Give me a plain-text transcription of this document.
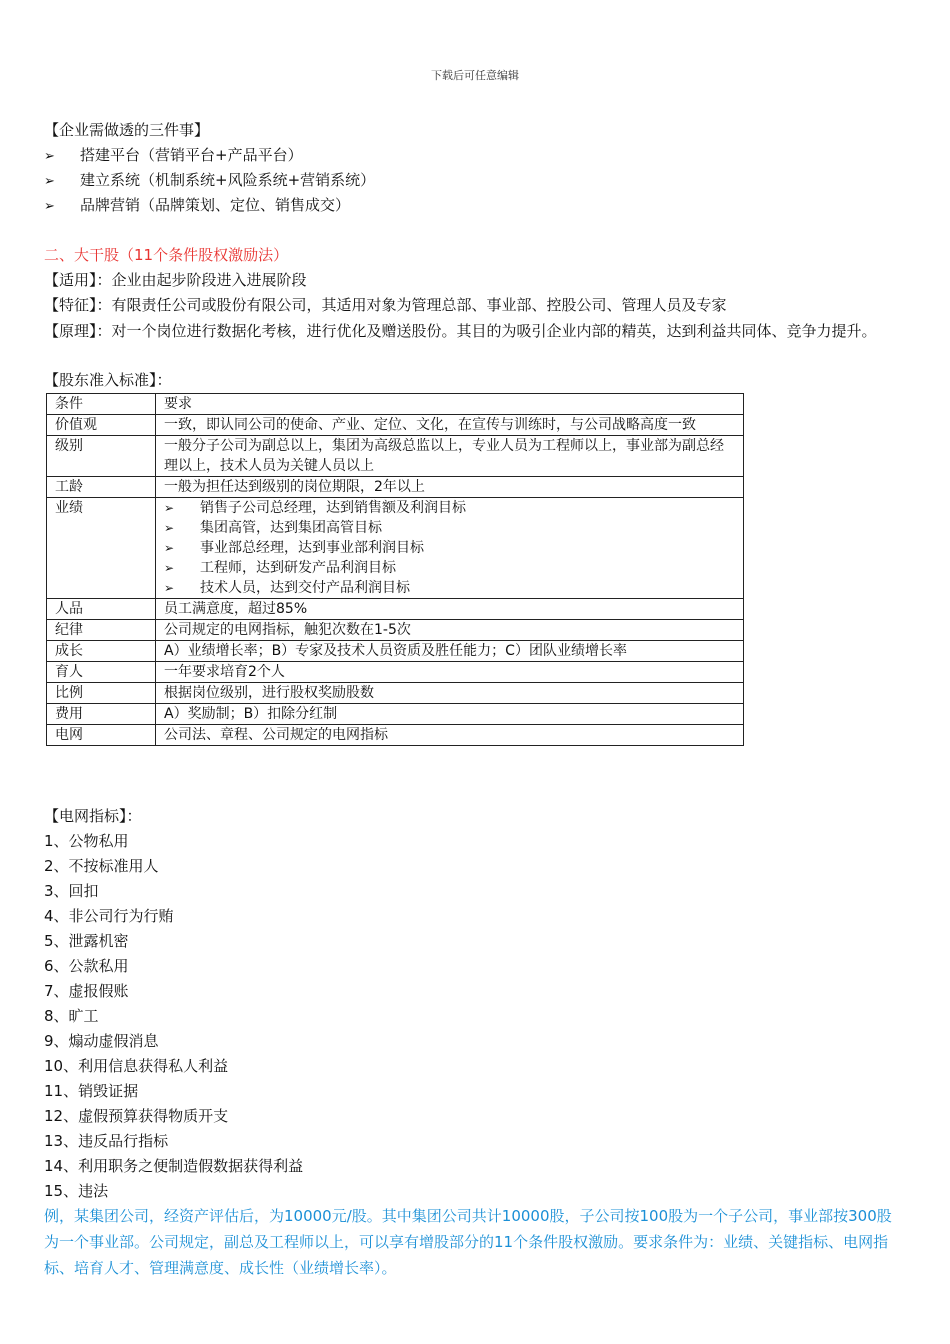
下载后可任意编辑
【企业需做透的三件事】
➢ 搭建平台（营销平台+产品平台）
➢ 建立系统（机制系统+风险系统+营销系统）
➢ 品牌营销（品牌策划、定位、销售成交）
二、大干股（11个条件股权激励法）
【适用】：企业由起步阶段进入进展阶段
【特征】：有限责任公司或股份有限公司，其适用对象为管理总部、事业部、控股公司、管理人员及专家
【原理】：对一个岗位进行数据化考核，进行优化及赠送股份。其目的为吸引企业内部的精英，达到利益共同体、竞争力提升。
【股东准入标准】：
条件	要求
价值观	一致，即认同公司的使命、产业、定位、文化，在宣传与训练时，与公司战略高度一致
级别	一般分子公司为副总以上，集团为高级总监以上，专业人员为工程师以上，事业部为副总经理以上，技术人员为关键人员以上
工龄	一般为担任达到级别的岗位期限，2年以上
业绩	➢ 销售子公司总经理，达到销售额及利润目标
➢ 集团高管，达到集团高管目标
➢ 事业部总经理，达到事业部利润目标
➢ 工程师，达到研发产品利润目标
➢ 技术人员，达到交付产品利润目标

人品	员工满意度，超过85%
纪律	公司规定的电网指标，触犯次数在1-5次
成长	A）业绩增长率；B）专家及技术人员资质及胜任能力；C）团队业绩增长率
育人	一年要求培育2个人
比例	根据岗位级别，进行股权奖励股数
费用	A）奖励制；B）扣除分红制
电网	公司法、章程、公司规定的电网指标
【电网指标】：
1、公物私用
2、不按标准用人
3、回扣
4、非公司行为行贿
5、泄露机密
6、公款私用
7、虚报假账
8、旷工
9、煽动虚假消息
10、利用信息获得私人利益
11、销毁证据
12、虚假预算获得物质开支
13、违反品行指标
14、利用职务之便制造假数据获得利益
15、违法
例，某集团公司，经资产评估后，为10000元/股。其中集团公司共计10000股，子公司按100股为一个子公司，事业部按300股为一个事业部。公司规定，副总及工程师以上，可以享有增股部分的11个条件股权激励。要求条件为：业绩、关键指标、电网指标、培育人才、管理满意度、成长性（业绩增长率）。
